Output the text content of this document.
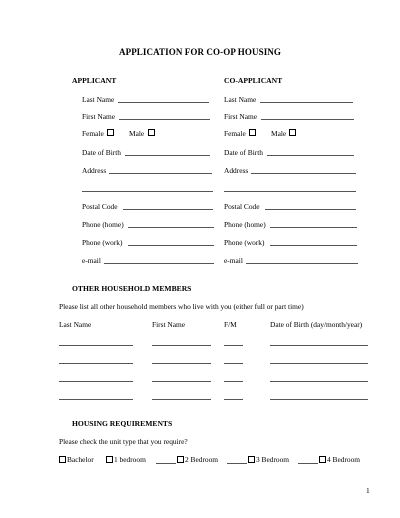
APPLICATION FOR CO-OP HOUSING
APPLICANT
Last Name
First Name
Female	Male
Date of Birth
Address
Postal Code
Phone (home)
Phone (work)
e-mail
CO-APPLICANT
Last Name
First Name
Female	Male
Date of Birth
Address
Postal Code
Phone (home)
Phone (work)
e-mail
OTHER HOUSEHOLD MEMBERS
Please list all other household members who live with you (either full or part time)
Last Name	First Name	F/M	Date of Birth (day/month/year)
HOUSING REQUIREMENTS
Please check the unit type that you require?
Bachelor	1 bedroom	2 Bedroom	3 Bedroom	4 Bedroom
1
